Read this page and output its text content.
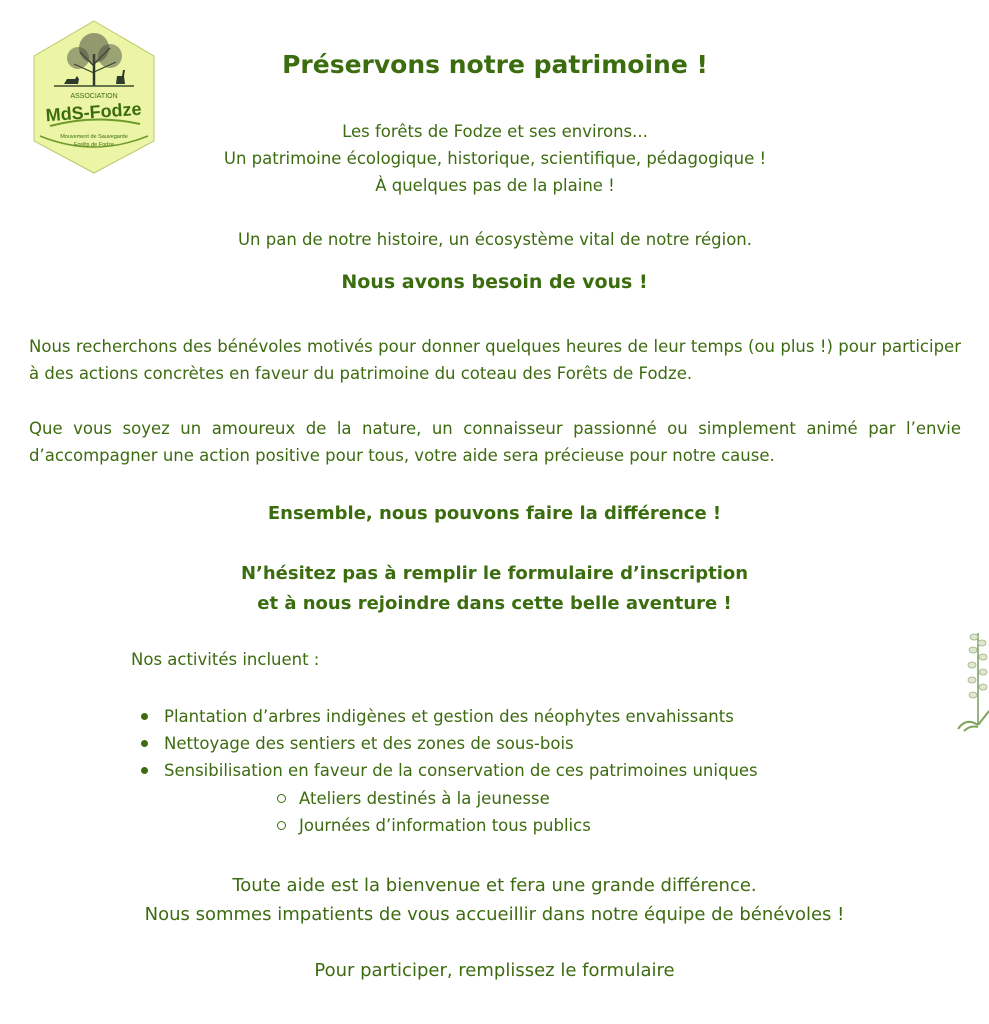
ASSOCIATION
MdS-Fodze
Mouvement de Sauvegarde
Forêts de Fodze
Préservons notre patrimoine !
Les forêts de Fodze et ses environs...
Un patrimoine écologique, historique, scientifique, pédagogique !
À quelques pas de la plaine !
Un pan de notre histoire, un écosystème vital de notre région.
Nous avons besoin de vous !

Nous recherchons des bénévoles motivés pour donner quelques heures de leur temps (ou plus !) pour participer à des actions concrètes en faveur du patrimoine du coteau des Forêts de Fodze.

Que vous soyez un amoureux de la nature, un connaisseur passionné ou simplement animé par l’envie d’accompagner une action positive pour tous, votre aide sera précieuse pour notre cause.

Ensemble, nous pouvons faire la différence !
N’hésitez pas à remplir le formulaire d’inscription
et à nous rejoindre dans cette belle aventure !

Nos activités incluent :

Plantation d’arbres indigènes et gestion des néophytes envahissants
Nettoyage des sentiers et des zones de sous-bois
Sensibilisation en faveur de la conservation de ces patrimoines uniques
Ateliers destinés à la jeunesse
Journées d’information tous publics
Toute aide est la bienvenue et fera une grande différence.
Nous sommes impatients de vous accueillir dans notre équipe de bénévoles !

Pour participer, remplissez le formulaire
